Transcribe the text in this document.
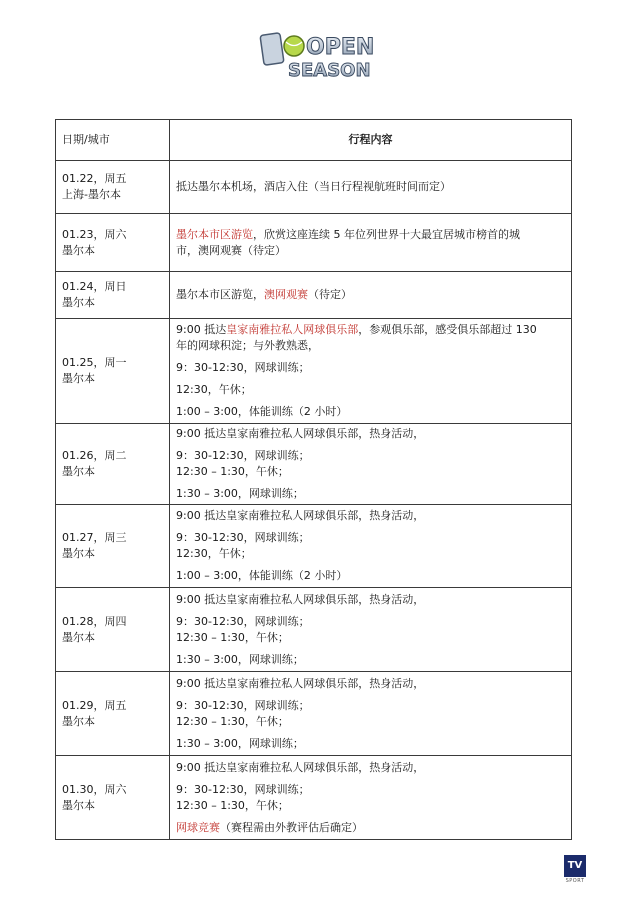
OPEN
SEASON
日期/城市	行程内容

01.22，周五
上海-墨尔本	抵达墨尔本机场，酒店入住（当日行程视航班时间而定）

01.23，周六
墨尔本	墨尔本市区游览，欣赏这座连续 5 年位列世界十大最宜居城市榜首的城
市，澳网观赛（待定）

01.24，周日
墨尔本	墨尔本市区游览，澳网观赛（待定）

01.25，周一
墨尔本	9:00 抵达皇家南雅拉私人网球俱乐部，参观俱乐部，感受俱乐部超过 130
年的网球积淀；与外教熟悉，
9：30-12:30，网球训练；
12:30，午休；
1:00 – 3:00，体能训练（2 小时）

01.26，周二
墨尔本	9:00 抵达皇家南雅拉私人网球俱乐部，热身活动，
9：30-12:30，网球训练；
12:30 – 1:30，午休；
1:30 – 3:00，网球训练；

01.27，周三
墨尔本	9:00 抵达皇家南雅拉私人网球俱乐部，热身活动，
9：30-12:30，网球训练；
12:30，午休；
1:00 – 3:00，体能训练（2 小时）

01.28，周四
墨尔本	9:00 抵达皇家南雅拉私人网球俱乐部，热身活动，
9：30-12:30，网球训练；
12:30 – 1:30，午休；
1:30 – 3:00，网球训练；

01.29，周五
墨尔本	9:00 抵达皇家南雅拉私人网球俱乐部，热身活动，
9：30-12:30，网球训练；
12:30 – 1:30，午休；
1:30 – 3:00，网球训练；

01.30，周六
墨尔本	9:00 抵达皇家南雅拉私人网球俱乐部，热身活动，
9：30-12:30，网球训练；
12:30 – 1:30，午休；
网球竞赛（赛程需由外教评估后确定）
TV
SPORT
